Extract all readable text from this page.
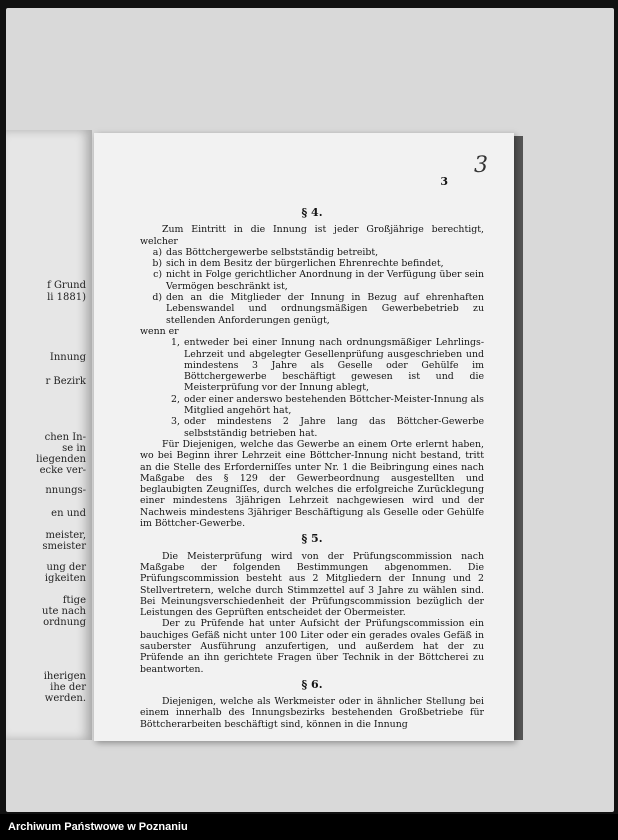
f Grund
li 1881)
Innung
r Bezirk
chen In-
se in
liegenden
ecke ver-
nnungs-
en und
meister,
smeister
ung der
igkeiten
ftige
ute nach
ordnung
iherigen
ihe der
werden.
3
3
§ 4.

Zum Eintritt in die Innung ist jeder Großjährige berechtigt, welcher

a) das Böttchergewerbe selbstständig betreibt,
b) sich in dem Besitz der bürgerlichen Ehrenrechte befindet,
c) nicht in Folge gerichtlicher Anordnung in der Verfügung über sein Vermögen beschränkt ist,
d) den an die Mitglieder der Innung in Bezug auf ehrenhaften Lebenswandel und ordnungsmäßigen Gewerbebetrieb zu stellenden Anforderungen genügt,

wenn er

1, entweder bei einer Innung nach ordnungsmäßiger Lehrlings-Lehrzeit und abgelegter Gesellenprüfung ausgeschrieben und mindestens 3 Jahre als Geselle oder Gehülfe im Böttchergewerbe beschäftigt gewesen ist und die Meisterprüfung vor der Innung ablegt,
2, oder einer anderswo bestehenden Böttcher-Meister-Innung als Mitglied angehört hat,
3, oder mindestens 2 Jahre lang das Böttcher-Gewerbe selbstständig betrieben hat.

Für Diejenigen, welche das Gewerbe an einem Orte erlernt haben, wo bei Beginn ihrer Lehrzeit eine Böttcher-Innung nicht bestand, tritt an die Stelle des Erforderniſſes unter Nr. 1 die Beibringung eines nach Maßgabe des § 129 der Gewerbeordnung ausgestellten und beglaubigten Zeugniſſes, durch welches die erfolgreiche Zurücklegung einer mindestens 3jährigen Lehrzeit nachgewiesen wird und der Nachweis mindestens 3jähriger Beschäftigung als Geselle oder Gehülfe im Böttcher-Gewerbe.

§ 5.

Die Meisterprüfung wird von der Prüfungscommission nach Maßgabe der folgenden Bestimmungen abgenommen. Die Prüfungscommission besteht aus 2 Mitgliedern der Innung und 2 Stellvertretern, welche durch Stimmzettel auf 3 Jahre zu wählen sind. Bei Meinungsverschiedenheit der Prüfungscommission bezüglich der Leistungen des Geprüften entscheidet der Obermeister.

Der zu Prüfende hat unter Aufsicht der Prüfungscommission ein bauchiges Gefäß nicht unter 100 Liter oder ein gerades ovales Gefäß in sauberster Ausführung anzufertigen, und außerdem hat der zu Prüfende an ihn gerichtete Fragen über Technik in der Böttcherei zu beantworten.

§ 6.

Diejenigen, welche als Werkmeister oder in ähnlicher Stellung bei einem innerhalb des Innungsbezirks bestehenden Großbetriebe für Böttcherarbeiten beschäftigt sind, können in die Innung

Archiwum Państwowe w Poznaniu
